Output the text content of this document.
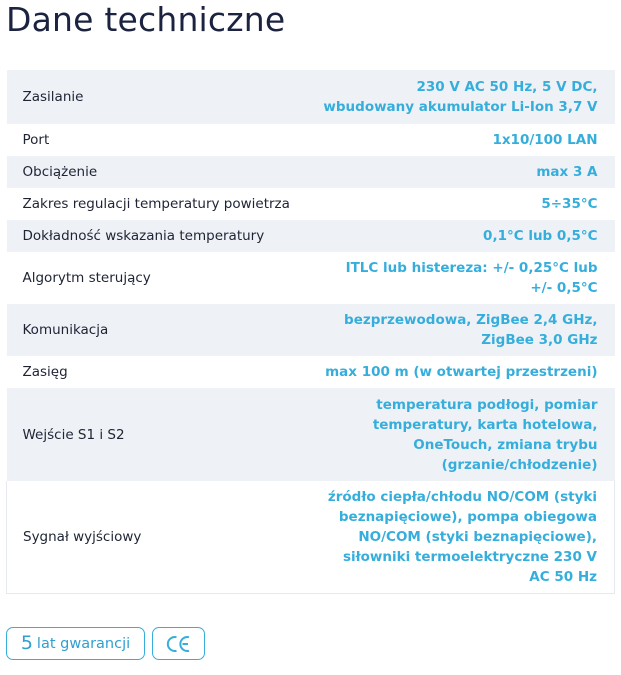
Dane techniczne
Zasilanie	230 V AC 50 Hz, 5 V DC, wbudowany akumulator Li-Ion 3,7 V
Port	1x10/100 LAN
Obciążenie	max 3 A
Zakres regulacji temperatury powietrza	5÷35°C
Dokładność wskazania temperatury	0,1°C lub 0,5°C
Algorytm sterujący	ITLC lub histereza: +/- 0,25°C lub +/- 0,5°C
Komunikacja	bezprzewodowa, ZigBee 2,4 GHz, ZigBee 3,0 GHz
Zasięg	max 100 m (w otwartej przestrzeni)
Wejście S1 i S2	temperatura podłogi, pomiar temperatury, karta hotelowa, OneTouch, zmiana trybu (grzanie/chłodzenie)
Sygnał wyjściowy	źródło ciepła/chłodu NO/COM (styki beznapięciowe), pompa obiegowa NO/COM (styki beznapięciowe), siłowniki termoelektryczne 230 V AC 50 Hz
5 lat gwarancji
